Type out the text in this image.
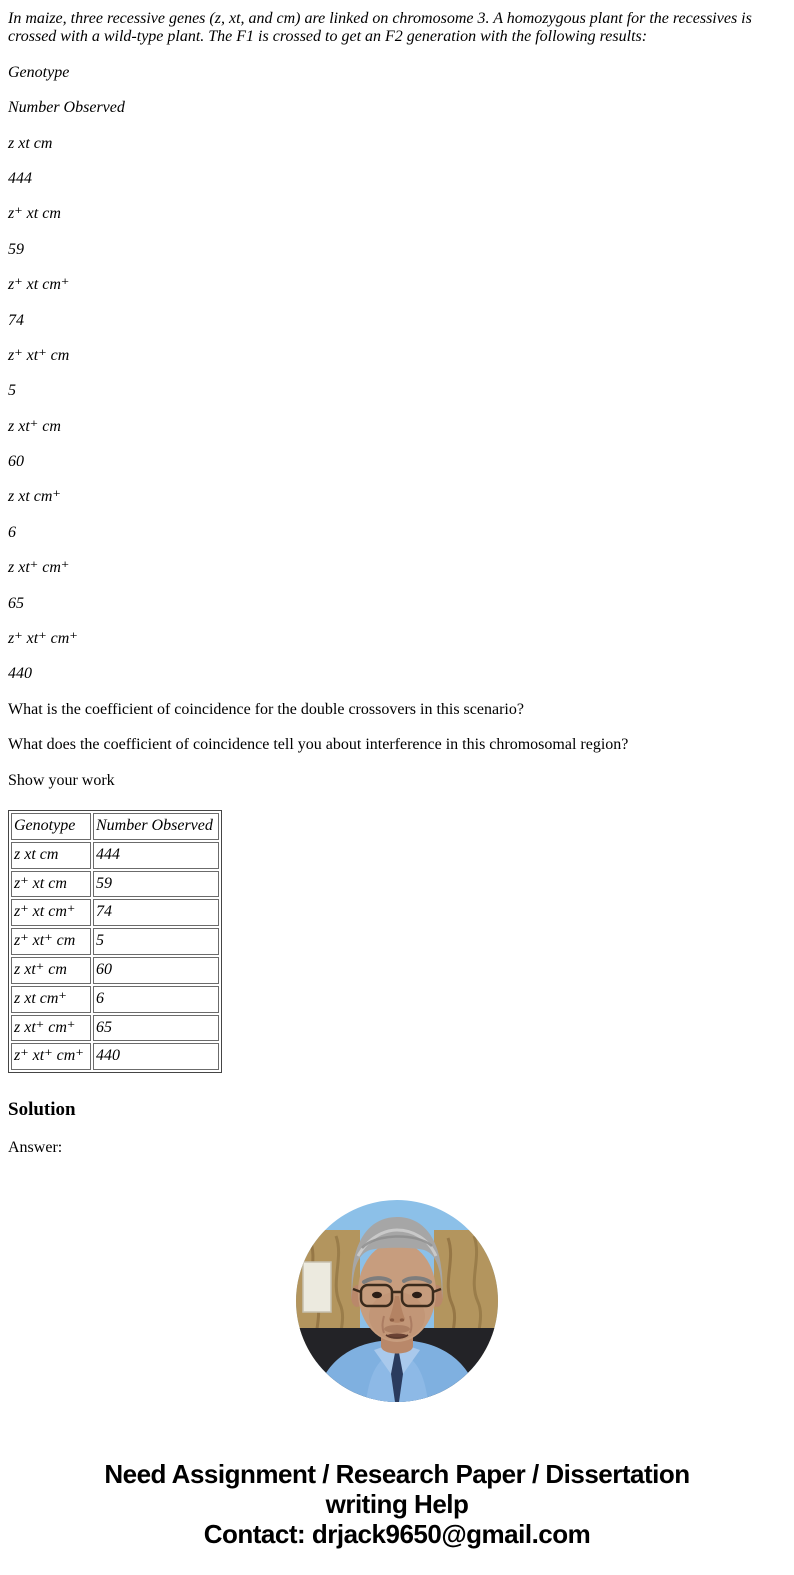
In maize, three recessive genes (z, xt, and cm) are linked on chromosome 3. A homozygous plant for the recessives is crossed with a wild-type plant. The F1 is crossed to get an F2 generation with the following results:

Genotype

Number Observed

z xt cm

444

z⁺ xt cm

59

z⁺ xt cm⁺

74

z⁺ xt⁺ cm

5

z xt⁺ cm

60

z xt cm⁺

6

z xt⁺ cm⁺

65

z⁺ xt⁺ cm⁺

440

What is the coefficient of coincidence for the double crossovers in this scenario?

What does the coefficient of coincidence tell you about interference in this chromosomal region?

Show your work

Genotype	Number Observed
z xt cm	444
z⁺ xt cm	59
z⁺ xt cm⁺	74
z⁺ xt⁺ cm	5
z xt⁺ cm	60
z xt cm⁺	6
z xt⁺ cm⁺	65
z⁺ xt⁺ cm⁺	440
Solution

Answer:

Need Assignment / Research Paper / Dissertation
writing Help
Contact: drjack9650@gmail.com
